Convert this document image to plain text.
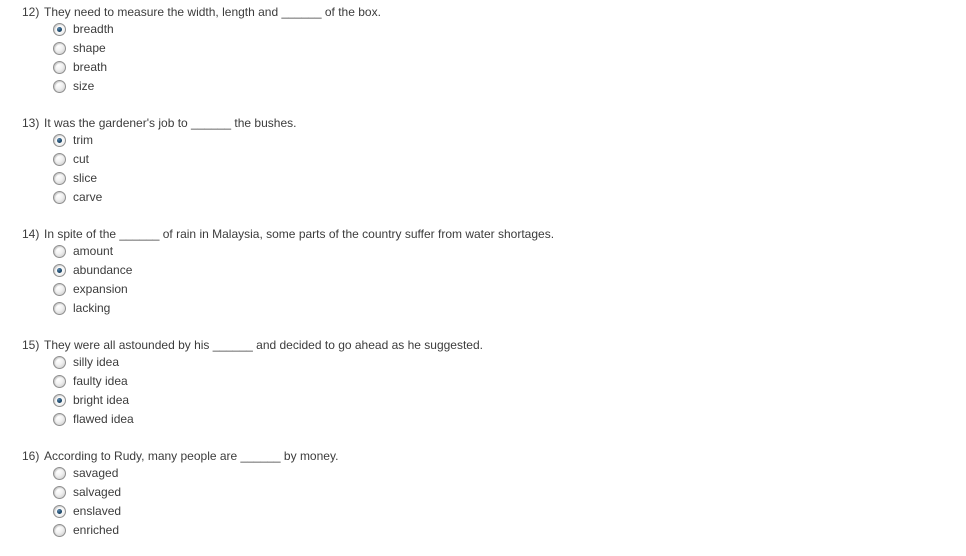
12) They need to measure the width, length and ______ of the box.
breadth
shape
breath
size
13) It was the gardener's job to ______ the bushes.
trim
cut
slice
carve
14) In spite of the ______ of rain in Malaysia, some parts of the country suffer from water shortages.
amount
abundance
expansion
lacking
15) They were all astounded by his ______ and decided to go ahead as he suggested.
silly idea
faulty idea
bright idea
flawed idea
16) According to Rudy, many people are ______ by money.
savaged
salvaged
enslaved
enriched
